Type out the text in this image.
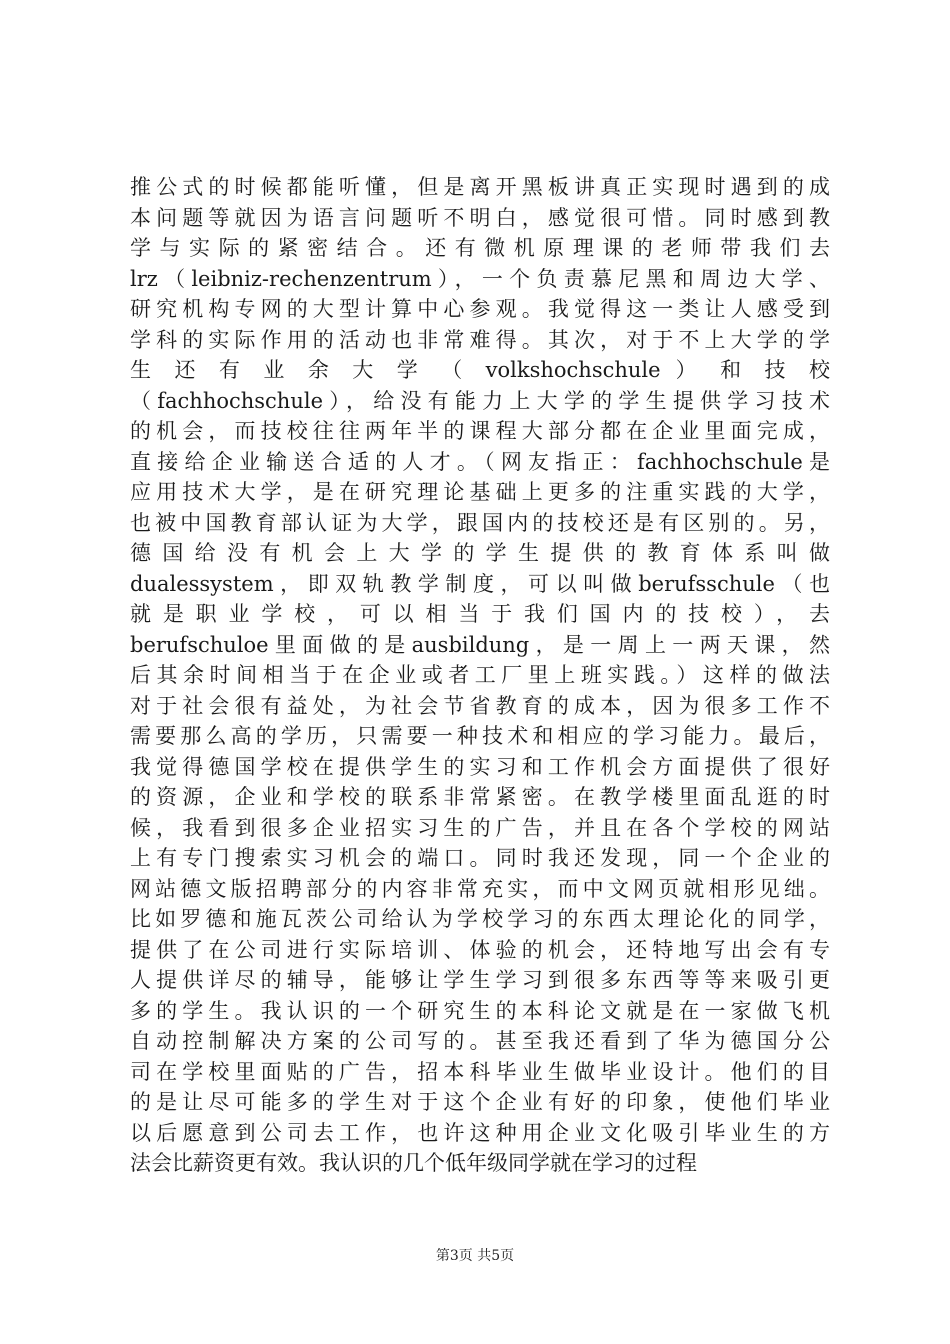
推公式的时候都能听懂，但是离开黑板讲真正实现时遇到的成
本问题等就因为语言问题听不明白，感觉很可惜。同时感到教
学与实际的紧密结合。还有微机原理课的老师带我们去
lrz（leibniz-rechenzentrum），一个负责慕尼黑和周边大学、
研究机构专网的大型计算中心参观。我觉得这一类让人感受到
学科的实际作用的活动也非常难得。其次，对于不上大学的学
生 还 有 业 余 大 学 （ volkshochschule ） 和 技 校
（fachhochschule），给没有能力上大学的学生提供学习技术
的机会，而技校往往两年半的课程大部分都在企业里面完成，
直接给企业输送合适的人才。（网友指正：fachhochschule是
应用技术大学，是在研究理论基础上更多的注重实践的大学，
也被中国教育部认证为大学，跟国内的技校还是有区别的。另，
德国给没有机会上大学的学生提供的教育体系叫做
dualessystem，即双轨教学制度，可以叫做berufsschule（也
就是职业学校，可以相当于我们国内的技校），去
berufschuloe里面做的是ausbildung，是一周上一两天课，然
后其余时间相当于在企业或者工厂里上班实践。）这样的做法
对于社会很有益处，为社会节省教育的成本，因为很多工作不
需要那么高的学历，只需要一种技术和相应的学习能力。最后，
我觉得德国学校在提供学生的实习和工作机会方面提供了很好
的资源，企业和学校的联系非常紧密。在教学楼里面乱逛的时
候，我看到很多企业招实习生的广告，并且在各个学校的网站
上有专门搜索实习机会的端口。同时我还发现，同一个企业的
网站德文版招聘部分的内容非常充实，而中文网页就相形见绌。
比如罗德和施瓦茨公司给认为学校学习的东西太理论化的同学，
提供了在公司进行实际培训、体验的机会，还特地写出会有专
人提供详尽的辅导，能够让学生学习到很多东西等等来吸引更
多的学生。我认识的一个研究生的本科论文就是在一家做飞机
自动控制解决方案的公司写的。甚至我还看到了华为德国分公
司在学校里面贴的广告，招本科毕业生做毕业设计。他们的目
的是让尽可能多的学生对于这个企业有好的印象，使他们毕业
以后愿意到公司去工作，也许这种用企业文化吸引毕业生的方
法会比薪资更有效。我认识的几个低年级同学就在学习的过程
第3页 共5页
